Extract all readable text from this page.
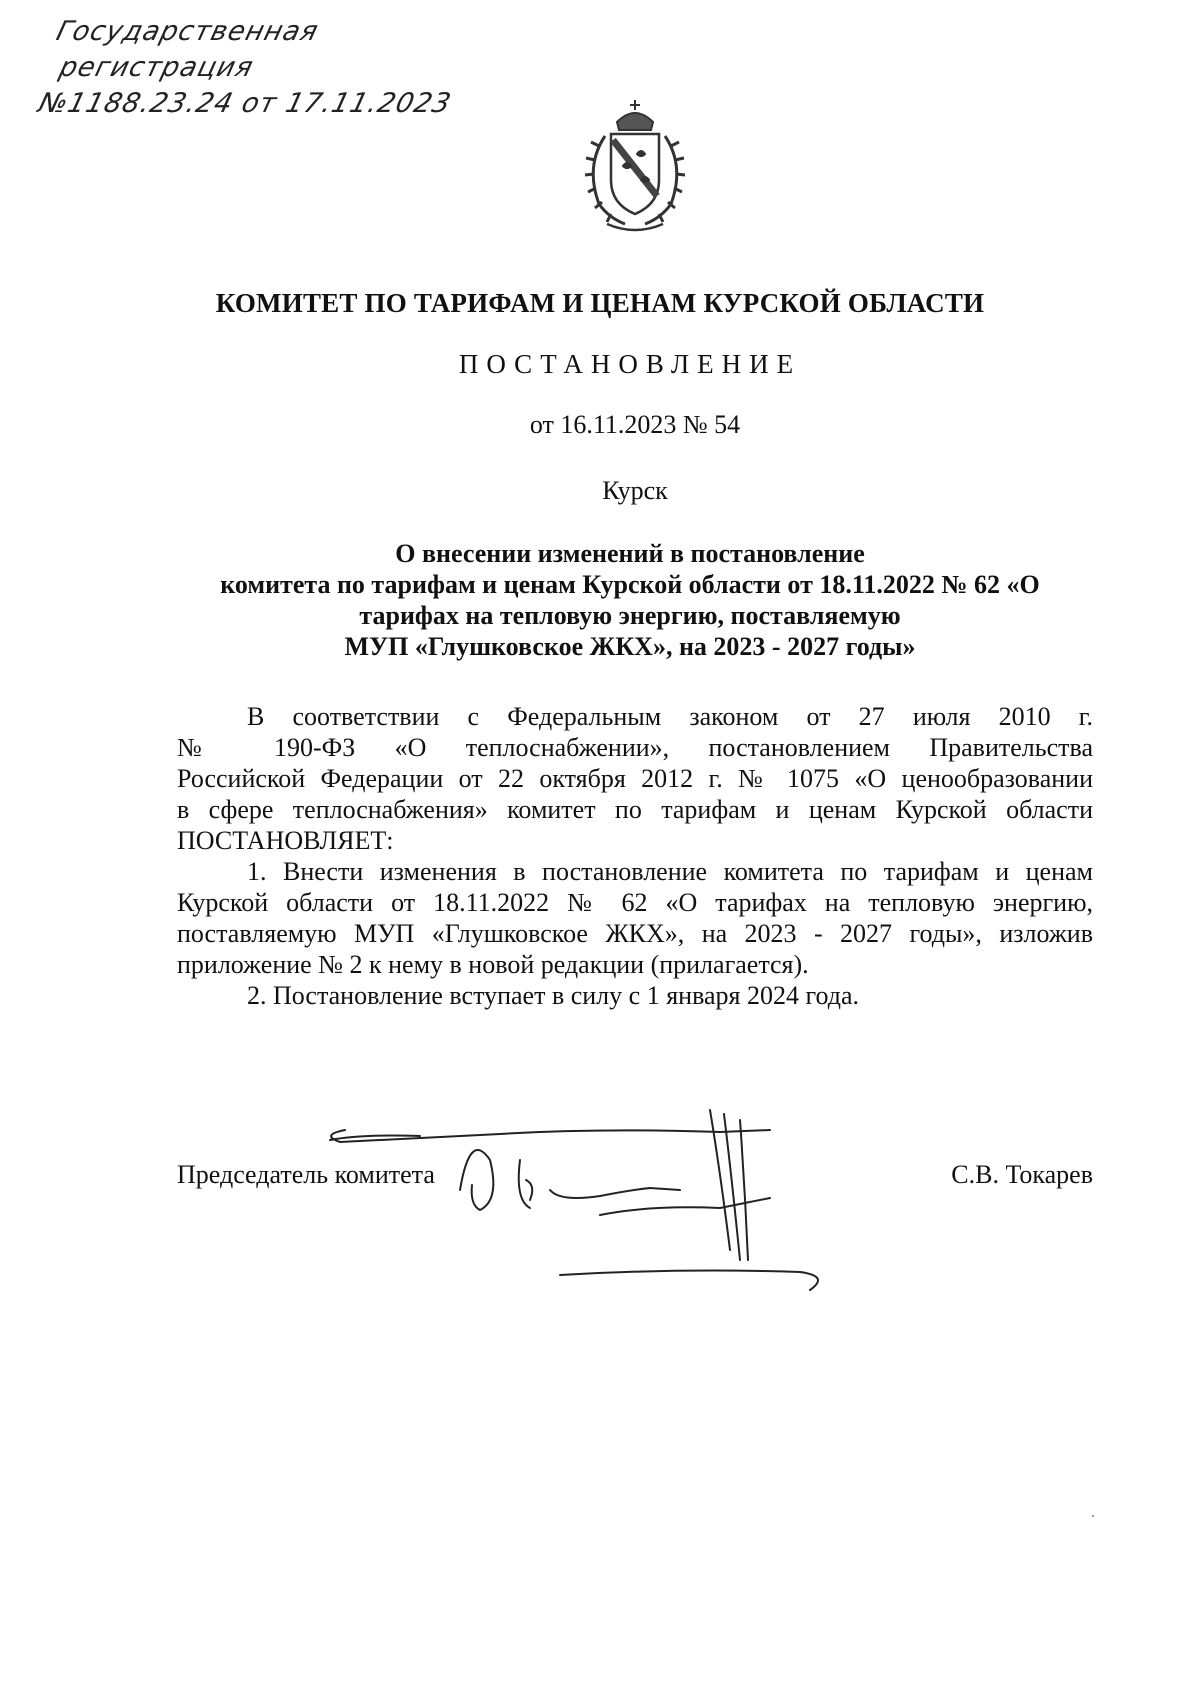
Государственная
регистрация
№1188.23.24 от 17.11.2023
КОМИТЕТ ПО ТАРИФАМ И ЦЕНАМ КУРСКОЙ ОБЛАСТИ
ПОСТАНОВЛЕНИЕ
от 16.11.2023 № 54
Курск
О внесении изменений в постановление
комитета по тарифам и ценам Курской области от 18.11.2022 № 62 «О
тарифах на тепловую энергию, поставляемую
МУП «Глушковское ЖКХ», на 2023 - 2027 годы»
В соответствии с Федеральным законом от 27 июля 2010 г.
№ 190-ФЗ «О теплоснабжении», постановлением Правительства
Российской Федерации от 22 октября 2012 г. № 1075 «О ценообразовании
в сфере теплоснабжения» комитет по тарифам и ценам Курской области
ПОСТАНОВЛЯЕТ:
1. Внести изменения в постановление комитета по тарифам и ценам
Курской области от 18.11.2022 № 62 «О тарифах на тепловую энергию,
поставляемую МУП «Глушковское ЖКХ», на 2023 - 2027 годы», изложив
приложение № 2 к нему в новой редакции (прилагается).
2. Постановление вступает в силу с 1 января 2024 года.
Председатель комитета	С.В. Токарев
